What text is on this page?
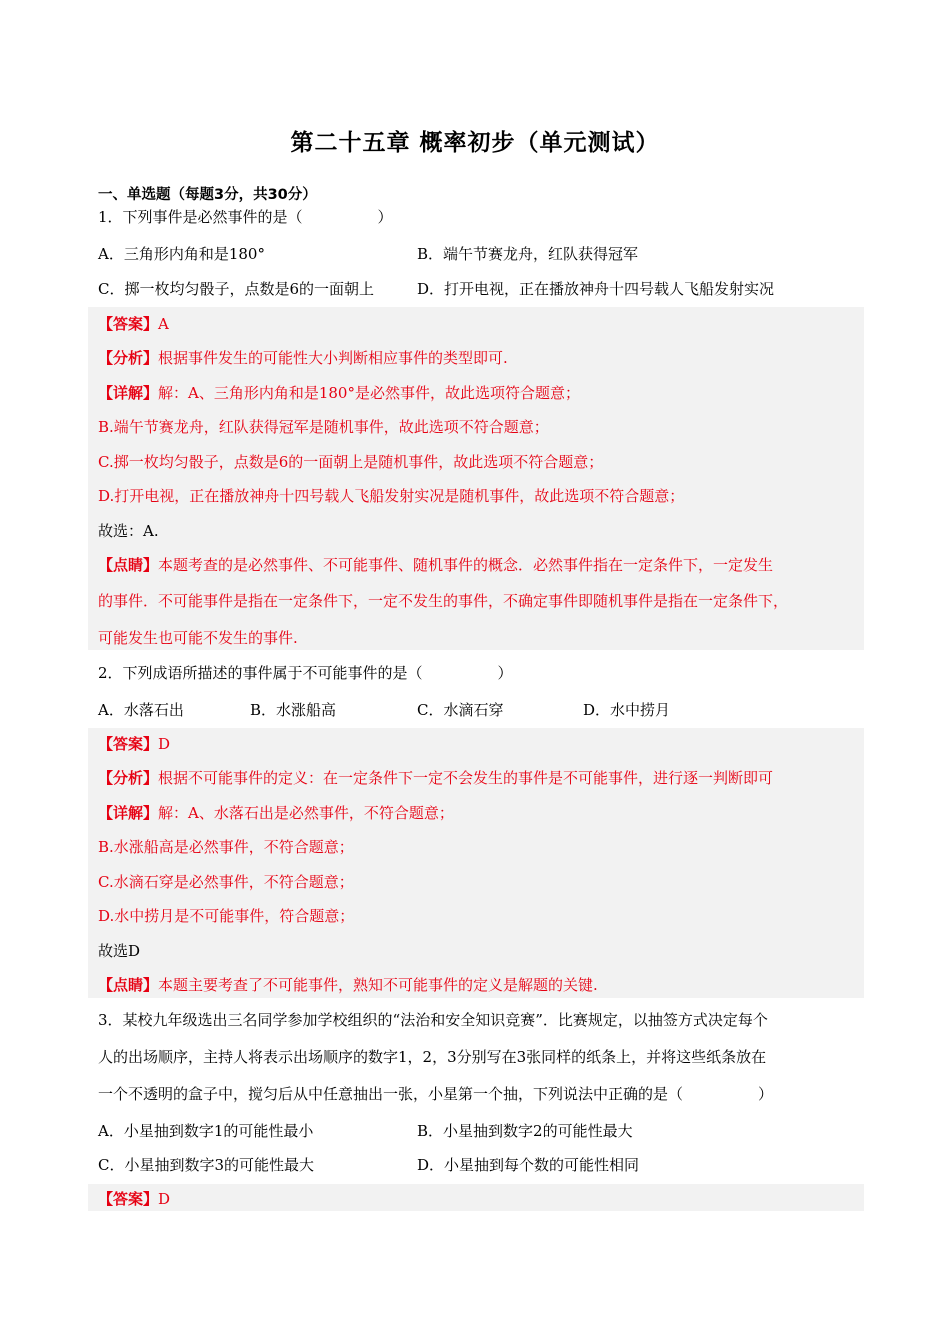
第二十五章 概率初步（单元测试）
一、单选题（每题3分，共30分）
1．下列事件是必然事件的是（　　　　　）
A．三角形内角和是180°	B．端午节赛龙舟，红队获得冠军
C．掷一枚均匀骰子，点数是6的一面朝上	D．打开电视，正在播放神舟十四号载人飞船发射实况
【答案】A
【分析】根据事件发生的可能性大小判断相应事件的类型即可.
【详解】解：A、三角形内角和是180°是必然事件，故此选项符合题意；
B.端午节赛龙舟，红队获得冠军是随机事件，故此选项不符合题意；
C.掷一枚均匀骰子，点数是6的一面朝上是随机事件，故此选项不符合题意；
D.打开电视，正在播放神舟十四号载人飞船发射实况是随机事件，故此选项不符合题意；
故选：A.
【点睛】本题考查的是必然事件、不可能事件、随机事件的概念．必然事件指在一定条件下，一定发生
的事件．不可能事件是指在一定条件下，一定不发生的事件，不确定事件即随机事件是指在一定条件下，
可能发生也可能不发生的事件.
2．下列成语所描述的事件属于不可能事件的是（　　　　　）
A．水落石出	B．水涨船高	C．水滴石穿	D．水中捞月
【答案】D
【分析】根据不可能事件的定义：在一定条件下一定不会发生的事件是不可能事件，进行逐一判断即可
【详解】解：A、水落石出是必然事件，不符合题意；
B.水涨船高是必然事件，不符合题意；
C.水滴石穿是必然事件，不符合题意；
D.水中捞月是不可能事件，符合题意；
故选D
【点睛】本题主要考查了不可能事件，熟知不可能事件的定义是解题的关键.
3．某校九年级选出三名同学参加学校组织的“法治和安全知识竞赛”．比赛规定，以抽签方式决定每个
人的出场顺序，主持人将表示出场顺序的数字1，2，3分别写在3张同样的纸条上，并将这些纸条放在
一个不透明的盒子中，搅匀后从中任意抽出一张，小星第一个抽，下列说法中正确的是（　　　　　）
A．小星抽到数字1的可能性最小	B．小星抽到数字2的可能性最大
C．小星抽到数字3的可能性最大	D．小星抽到每个数的可能性相同
【答案】D
